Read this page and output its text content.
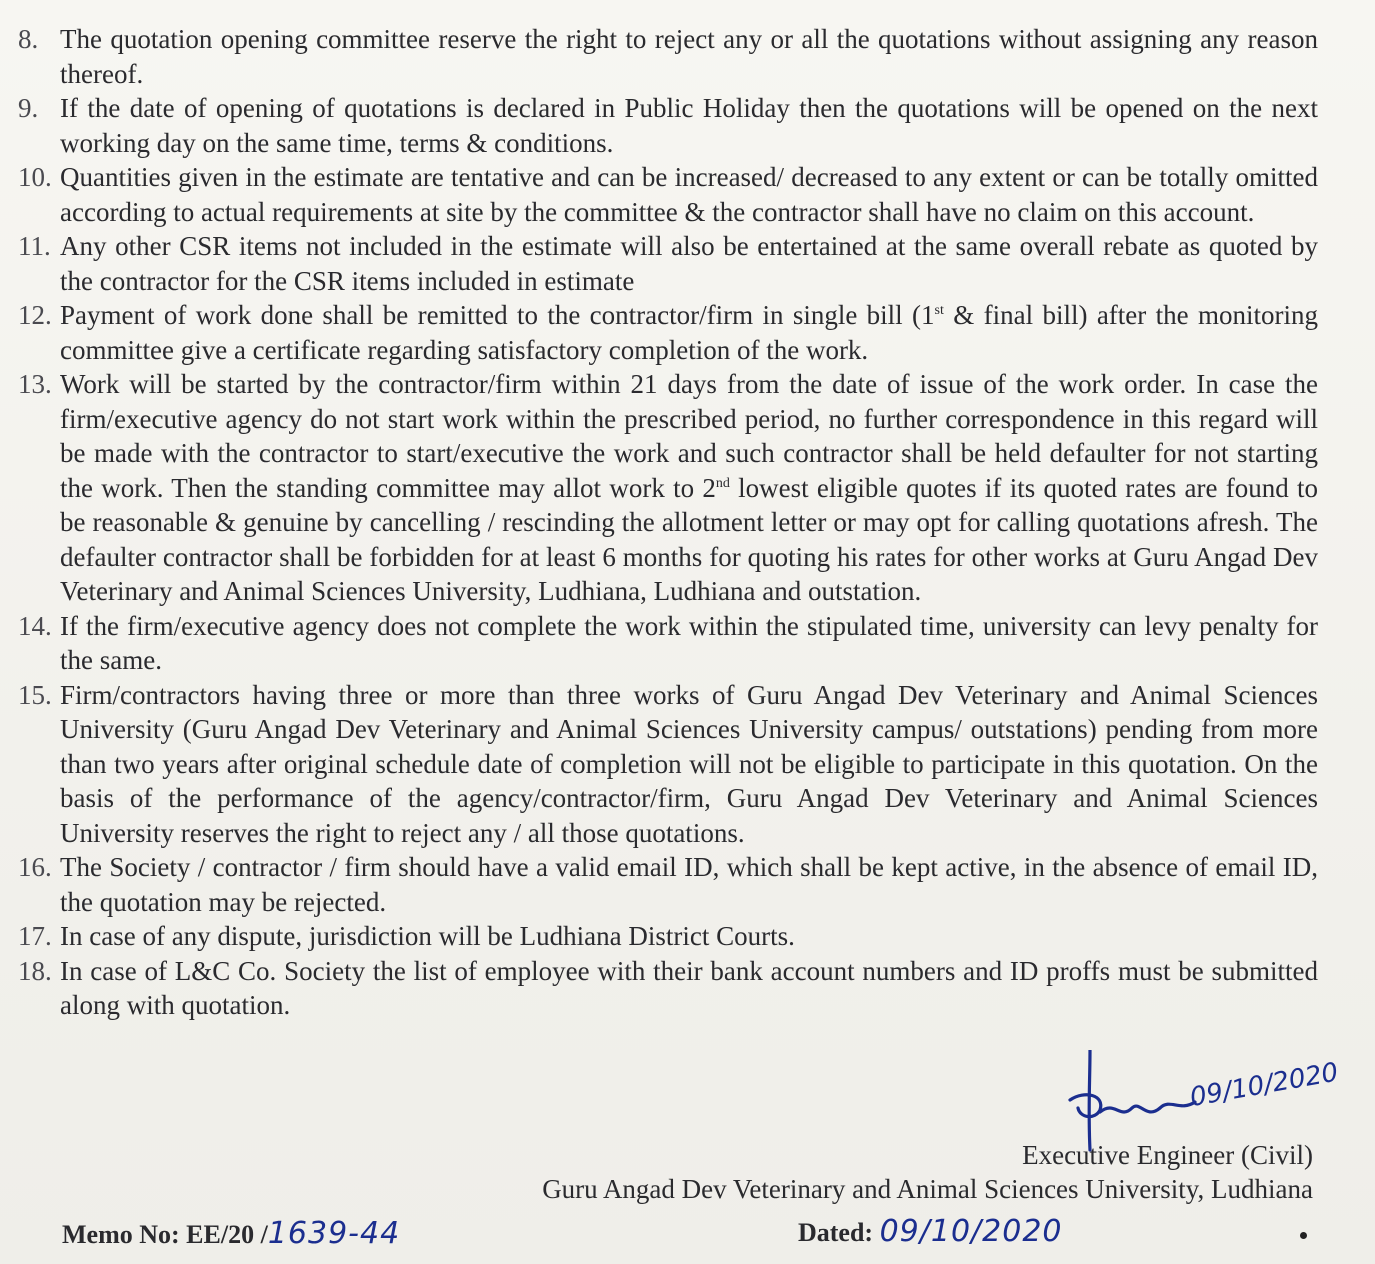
8. The quotation opening committee reserve the right to reject any or all the quotations without assigning any reason thereof.
9. If the date of opening of quotations is declared in Public Holiday then the quotations will be opened on the next working day on the same time, terms & conditions.
10. Quantities given in the estimate are tentative and can be increased/ decreased to any extent or can be totally omitted according to actual requirements at site by the committee & the contractor shall have no claim on this account.
11. Any other CSR items not included in the estimate will also be entertained at the same overall rebate as quoted by the contractor for the CSR items included in estimate
12. Payment of work done shall be remitted to the contractor/firm in single bill (1st & final bill) after the monitoring committee give a certificate regarding satisfactory completion of the work.
13. Work will be started by the contractor/firm within 21 days from the date of issue of the work order. In case the firm/executive agency do not start work within the prescribed period, no further correspondence in this regard will be made with the contractor to start/executive the work and such contractor shall be held defaulter for not starting the work. Then the standing committee may allot work to 2nd lowest eligible quotes if its quoted rates are found to be reasonable & genuine by cancelling / rescinding the allotment letter or may opt for calling quotations afresh. The defaulter contractor shall be forbidden for at least 6 months for quoting his rates for other works at Guru Angad Dev Veterinary and Animal Sciences University, Ludhiana, Ludhiana and outstation.
14. If the firm/executive agency does not complete the work within the stipulated time, university can levy penalty for the same.
15. Firm/contractors having three or more than three works of Guru Angad Dev Veterinary and Animal Sciences University (Guru Angad Dev Veterinary and Animal Sciences University campus/ outstations) pending from more than two years after original schedule date of completion will not be eligible to participate in this quotation. On the basis of the performance of the agency/contractor/firm, Guru Angad Dev Veterinary and Animal Sciences University reserves the right to reject any / all those quotations.
16. The Society / contractor / firm should have a valid email ID, which shall be kept active, in the absence of email ID, the quotation may be rejected.
17. In case of any dispute, jurisdiction will be Ludhiana District Courts.
18. In case of L&C Co. Society the list of employee with their bank account numbers and ID proffs must be submitted along with quotation.
09/10/2020
Executive Engineer (Civil)
Guru Angad Dev Veterinary and Animal Sciences University, Ludhiana
Memo No: EE/20 /1639-44	Dated: 09/10/2020
